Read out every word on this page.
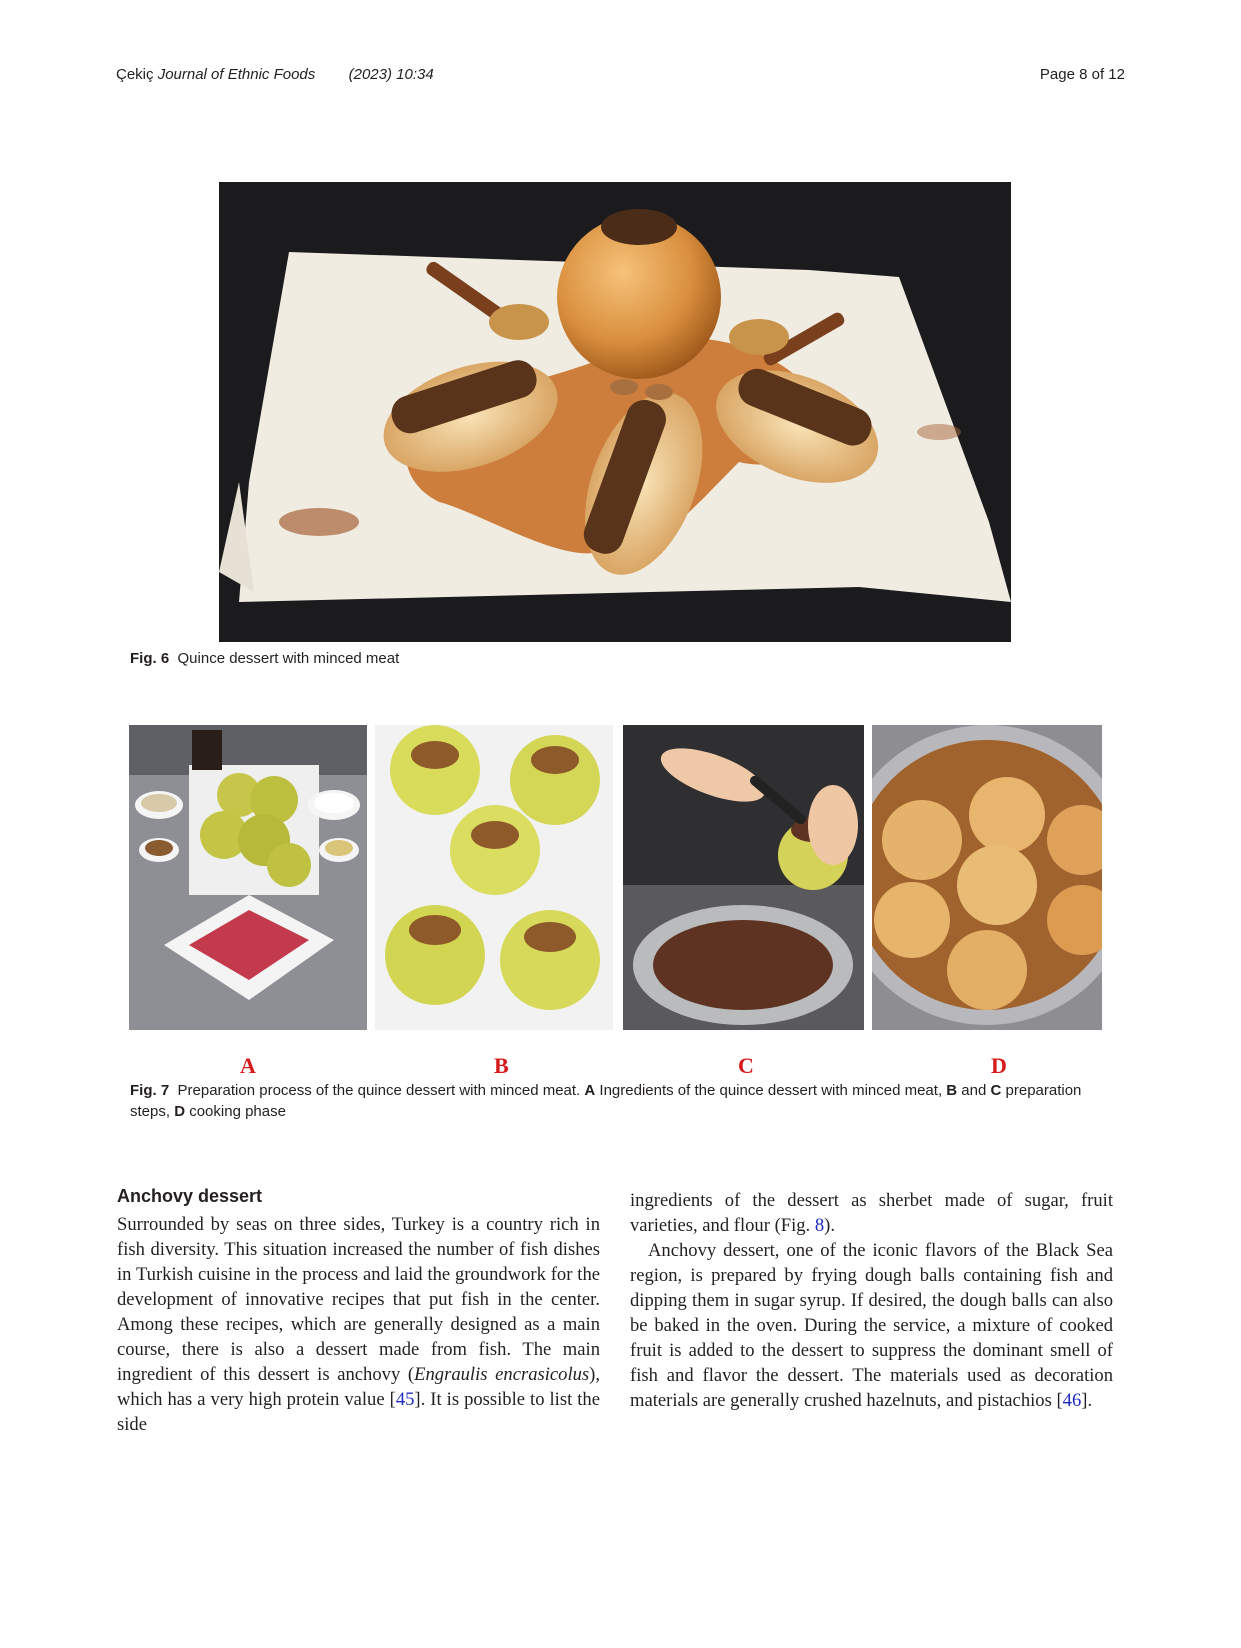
Çekiç Journal of Ethnic Foods (2023) 10:34	Page 8 of 12
Fig. 6 Quince dessert with minced meat
A	B	C	D
Fig. 7 Preparation process of the quince dessert with minced meat. A Ingredients of the quince dessert with minced meat, B and C preparation steps, D cooking phase
Anchovy dessert

Surrounded by seas on three sides, Turkey is a country rich in fish diversity. This situation increased the number of fish dishes in Turkish cuisine in the process and laid the groundwork for the development of innovative recipes that put fish in the center. Among these recipes, which are generally designed as a main course, there is also a dessert made from fish. The main ingredient of this dessert is anchovy (Engraulis encrasicolus), which has a very high protein value [45]. It is possible to list the side

ingredients of the dessert as sherbet made of sugar, fruit varieties, and flour (Fig. 8).

Anchovy dessert, one of the iconic flavors of the Black Sea region, is prepared by frying dough balls containing fish and dipping them in sugar syrup. If desired, the dough balls can also be baked in the oven. During the service, a mixture of cooked fruit is added to the dessert to suppress the dominant smell of fish and flavor the dessert. The materials used as decoration materials are generally crushed hazelnuts, and pistachios [46].
